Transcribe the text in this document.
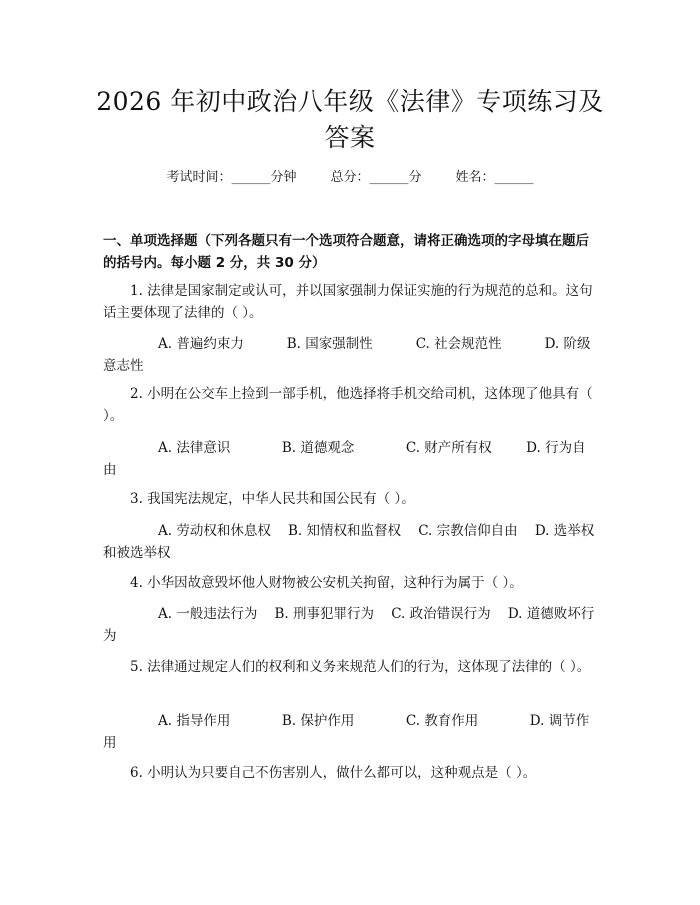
2026 年初中政治八年级《法律》专项练习及答案
考试时间：______分钟	总分：______分	姓名：______
一、单项选择题（下列各题只有一个选项符合题意，请将正确选项的字母填在题后的括号内。每小题 2 分，共 30 分）
1. 法律是国家制定或认可，并以国家强制力保证实施的行为规范的总和。这句话主要体现了法律的（ ）。
A. 普遍约束力	B. 国家强制性	C. 社会规范性	D. 阶级意志性
2. 小明在公交车上捡到一部手机，他选择将手机交给司机，这体现了他具有（ ）。
A. 法律意识	B. 道德观念	C. 财产所有权	D. 行为自由
3. 我国宪法规定，中华人民共和国公民有（ ）。
A. 劳动权和休息权 B. 知情权和监督权 C. 宗教信仰自由 D. 选举权和被选举权
4. 小华因故意毁坏他人财物被公安机关拘留，这种行为属于（ ）。
A. 一般违法行为 B. 刑事犯罪行为 C. 政治错误行为 D. 道德败坏行为
5. 法律通过规定人们的权利和义务来规范人们的行为，这体现了法律的（ ）。
A. 指导作用	B. 保护作用	C. 教育作用	D. 调节作用
6. 小明认为只要自己不伤害别人，做什么都可以，这种观点是（ ）。
